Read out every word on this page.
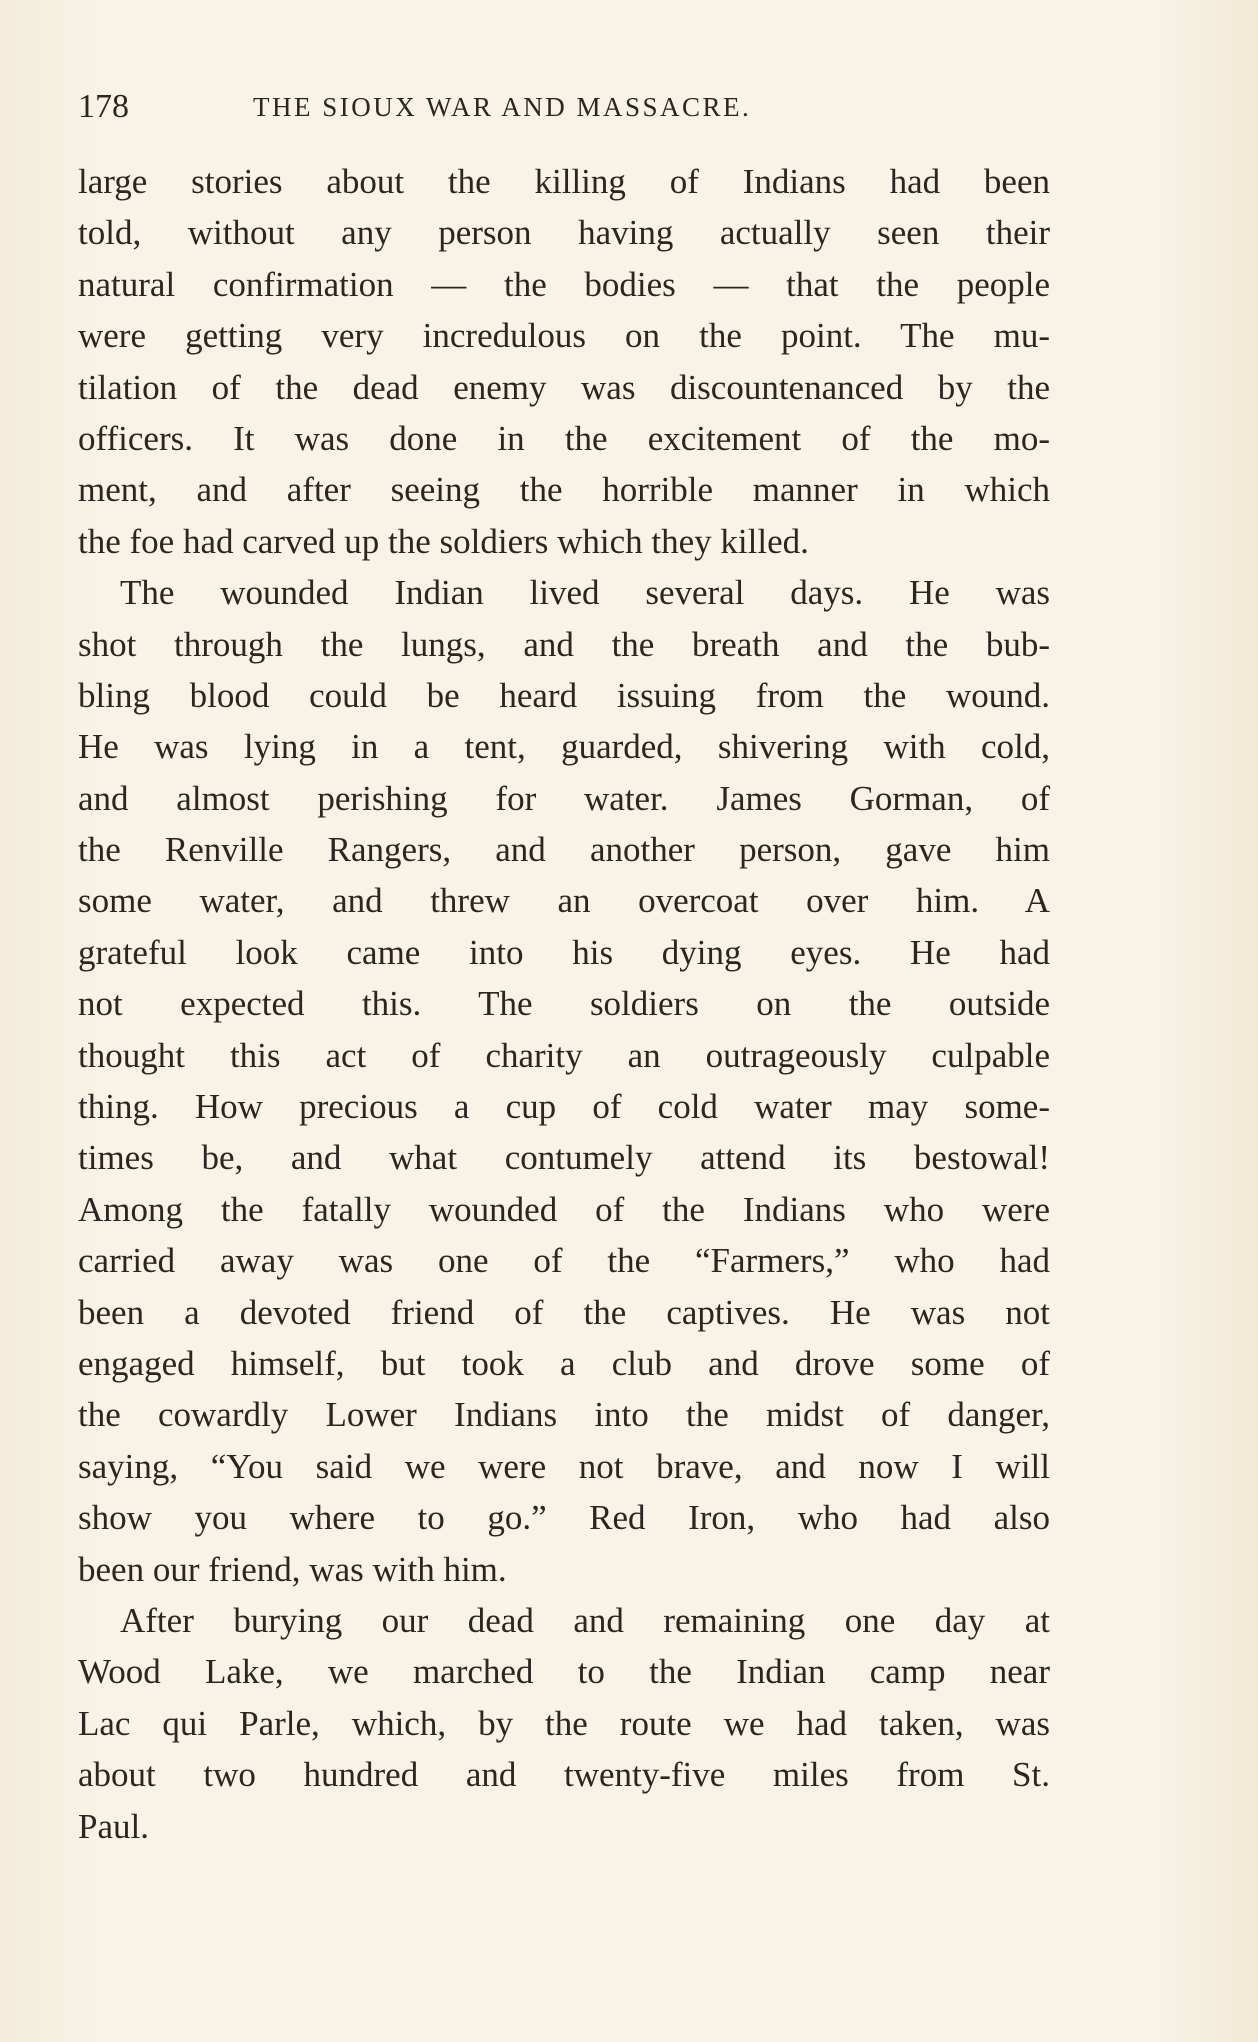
178	THE SIOUX WAR AND MASSACRE.
large stories about the killing of Indians had been
told, without any person having actually seen their
natural confirmation — the bodies — that the people
were getting very incredulous on the point. The mu-
tilation of the dead enemy was discountenanced by the
officers. It was done in the excitement of the mo-
ment, and after seeing the horrible manner in which
the foe had carved up the soldiers which they killed.
The wounded Indian lived several days. He was
shot through the lungs, and the breath and the bub-
bling blood could be heard issuing from the wound.
He was lying in a tent, guarded, shivering with cold,
and almost perishing for water. James Gorman, of
the Renville Rangers, and another person, gave him
some water, and threw an overcoat over him. A
grateful look came into his dying eyes. He had
not expected this. The soldiers on the outside
thought this act of charity an outrageously culpable
thing. How precious a cup of cold water may some-
times be, and what contumely attend its bestowal!
Among the fatally wounded of the Indians who were
carried away was one of the “Farmers,” who had
been a devoted friend of the captives. He was not
engaged himself, but took a club and drove some of
the cowardly Lower Indians into the midst of danger,
saying, “You said we were not brave, and now I will
show you where to go.” Red Iron, who had also
been our friend, was with him.
After burying our dead and remaining one day at
Wood Lake, we marched to the Indian camp near
Lac qui Parle, which, by the route we had taken, was
about two hundred and twenty-five miles from St.
Paul.
